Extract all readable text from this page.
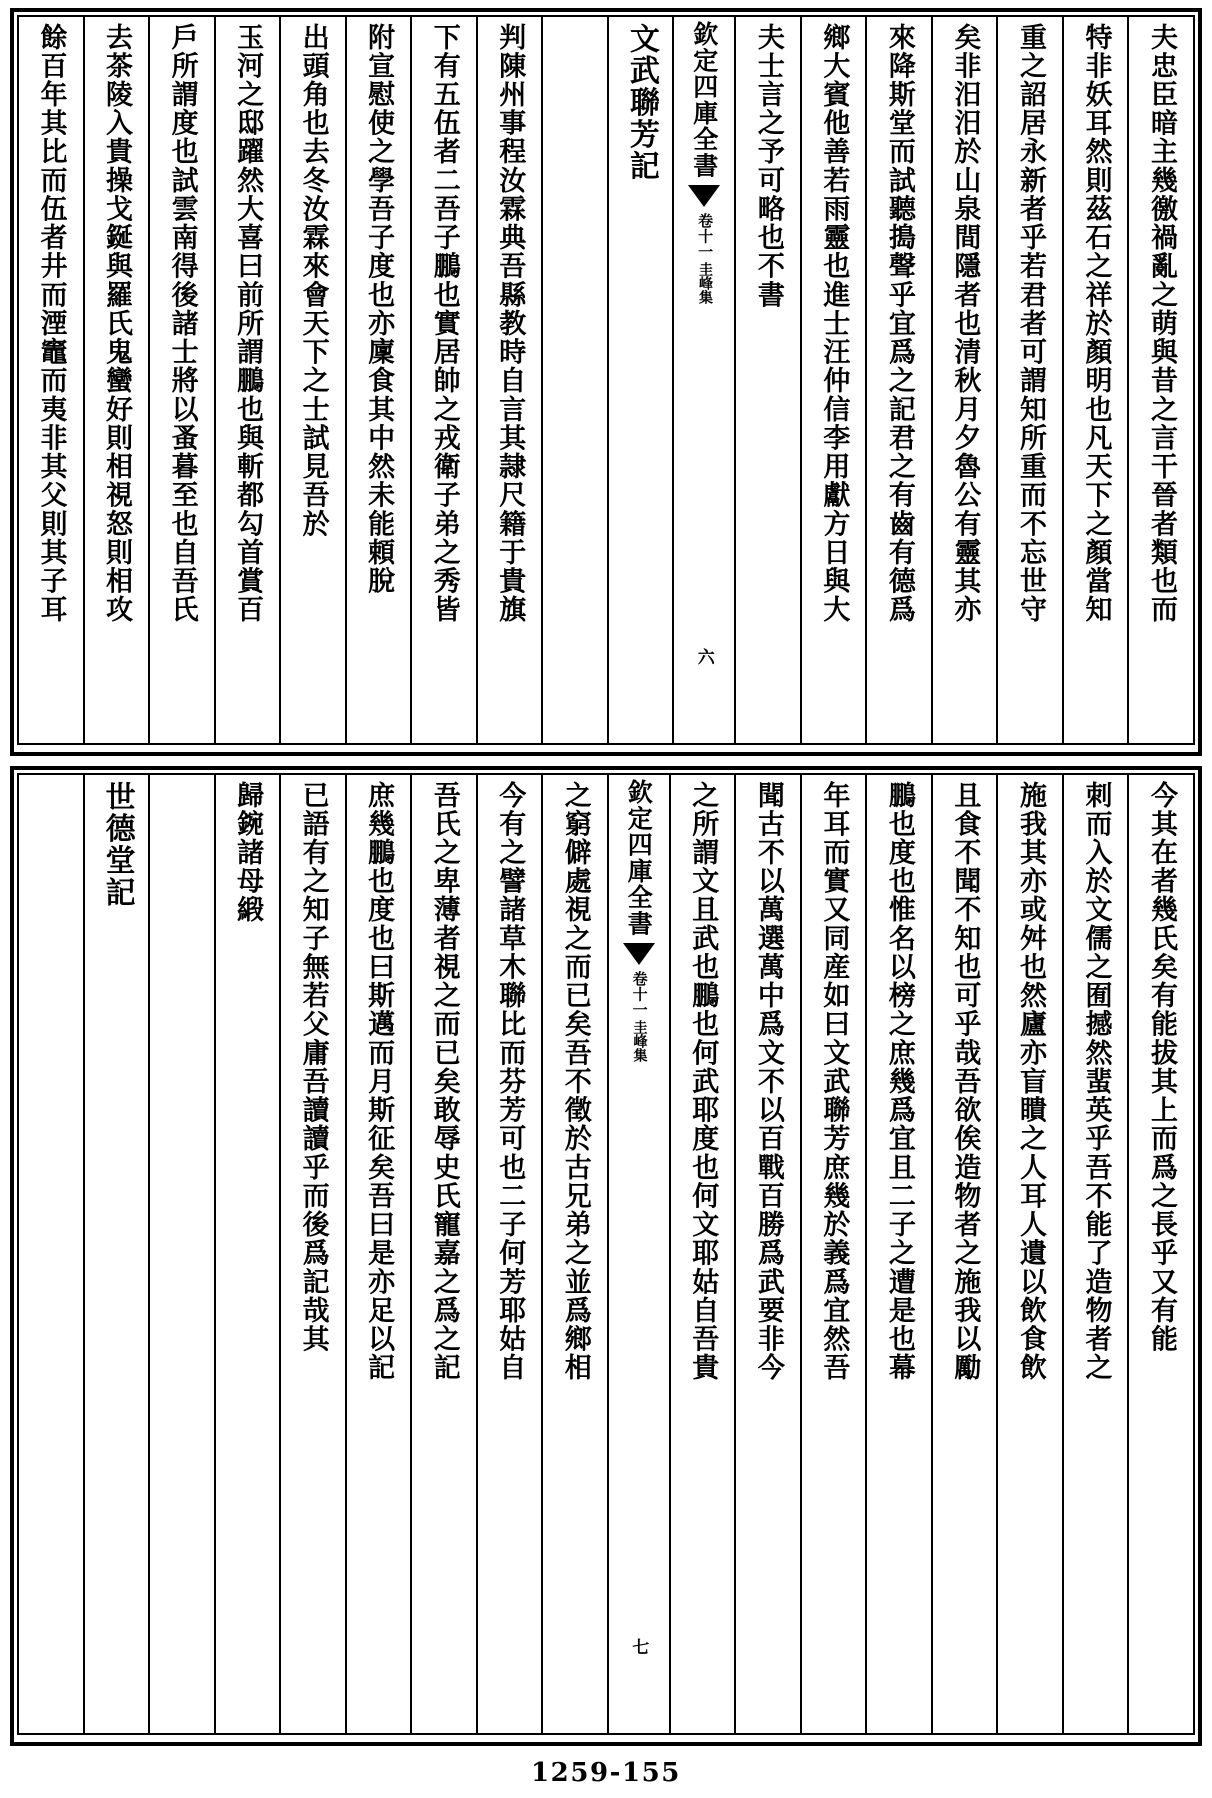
夫忠臣暗主幾徼禍亂之萌與昔之言干晉者類也而
特非妖耳然則茲石之祥於顏明也凡天下之顏當知
重之詔居永新者乎若君者可謂知所重而不忘世守
矣非汨汨於山泉間隱者也清秋月夕魯公有靈其亦
來降斯堂而試聽搗聲乎宜爲之記君之有齒有德爲
鄉大賓他善若雨靈也進士汪仲信李用獻方日與大
夫士言之予可略也不書
欽定四庫全書
卷十一
圭峰集
六
文武聯芳記
判陳州事程汝霖典吾縣教時自言其隷尺籍于貴旗
下有五伍者二吾子鵬也實居帥之戎衛子弟之秀皆
附宣慰使之學吾子度也亦廩食其中然未能頼脫
出頭角也去冬汝霖來會天下之士試見吾於
玉河之邸躍然大喜曰前所謂鵬也與斬都勾首賞百
戶所謂度也試雲南得後諸士將以蚤暮至也自吾氏
去茶陵入貴操戈鋋與羅氏鬼蠻好則相視怒則相攻
餘百年其比而伍者井而湮竈而夷非其父則其子耳
今其在者幾氏矣有能拔其上而爲之長乎又有能
刺而入於文儒之囿撼然蜚英乎吾不能了造物者之
施我其亦或舛也然廬亦盲瞶之人耳人遺以飲食飲
且食不聞不知也可乎哉吾欲俟造物者之施我以勵
鵬也度也惟名以榜之庶幾爲宜且二子之遭是也幕
年耳而實又同産如曰文武聯芳庶幾於義爲宜然吾
聞古不以萬選萬中爲文不以百戰百勝爲武要非今
之所謂文且武也鵬也何武耶度也何文耶姑自吾貴
欽定四庫全書
卷十一
圭峰集
七
之窮僻處視之而已矣吾不徵於古兄弟之並爲鄉相
今有之譬諸草木聯比而芬芳可也二子何芳耶姑自
吾氏之卑薄者視之而已矣敢辱史氏寵嘉之爲之記
庶幾鵬也度也曰斯邁而月斯征矣吾曰是亦足以記
已語有之知子無若父庸吾讀讀乎而後爲記哉其
歸鋺諸母緞
世德堂記
1259-155
